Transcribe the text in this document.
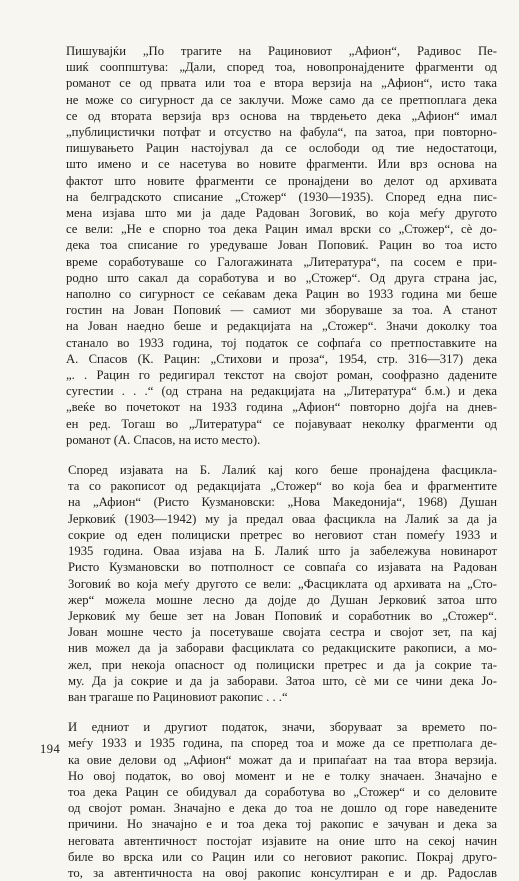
Пишувајќи „По трагите на Рациновиот „Афион“, Радивос Пе-
шиќ сооппштува: „Дали, според тоа, новопронајдените фрагменти од
романот се од првата или тоа е втора верзија на „Афион“, исто така
не може со сигурност да се заклучи. Може само да се претпоплага дека
се од вторaта верзија врз основа на тврдењето дека „Афион“ имал
„публицистички потфат и отсуство на фабула“, па затоа, при повторно-
пишувањето Рацин настојувал да се ослободи од тие недостатоци,
што имено и се насетува во новите фрагменти. Или врз основа на
фактот што новите фрагменти се пронајдени во делот од архивата
на белградското списание „Стожер“ (1930—1935). Според една пис-
мена изјава што ми ја даде Радован Зоговиќ, во која меѓу другото
се вели: „Не е спорно тоа дека Рацин имал врски со „Стожер“, сè до-
дека тоа списание го уредуваше Јован Поповиќ. Рацин во тоа исто
време соработуваше со Галогажината „Литература“, па сосем е при-
родно што сакал да соработува и во „Стожер“. Од друга страна јас,
наполно со сигурност се сеќавам дека Рацин во 1933 година ми беше
гостин на Јован Поповиќ — самиот ми зборуваше за тоа. А станот
на Јован наедно беше и редакцијата на „Стожер“. Значи доколку тоа
станало во 1933 година, тој податок се софпаѓа со претпоставките на
А. Спасов (К. Рацин: „Стихови и проза“, 1954, стр. 316—317) дека
„. . Рацин го редигирал текстот на својот роман, соофразно дадените
сугестии . . .“ (од страна на редакцијата на „Литература“ б.м.) и дека
„веќе во почетокот на 1933 година „Афион“ повторно дојѓа на днев-
ен ред. Тогаш во „Литература“ се појавуваат неколку фрагменти од
романот (А. Спасов, на исто место).
Според изјавата на Б. Лалиќ кај кого беше пронајдена фасцикла-
та со ракописот од редакцијата „Стожер“ во која беа и фрагментите
на „Афион“ (Ристо Кузмановски: „Нова Македонија“, 1968) Душан
Јерковиќ (1903—1942) му ја предал оваа фасцикла на Лалиќ за да ја
сокрие од еден полициски претрес во неговиот стан помеѓу 1933 и
1935 година. Оваа изјава на Б. Лалиќ што ја забележува новинарот
Ристо Кузмановски во потполност се совпаѓа со изјавата на Радован
Зоговиќ во која меѓу другото се вели: „Фасциклата од архивата на „Сто-
жер“ можела мошне лесно да дојде до Душан Јерковиќ затоа што
Јерковиќ му беше зет на Јован Поповиќ и соработник во „Стожер“.
Јован мошне често ја посетуваше својата сестра и својот зет, па кај
нив можел да ја заборави фасциклата со редакциските ракописи, а мо-
жел, при некоја опасност од полициски претрес и да ја сокрие та-
му. Да ја сокрие и да ја заборави. Затоа што, сè ми се чини дека Јо-
ван трагаше по Рациновиот ракопис . . .“
И едниот и другиот податок, значи, зборуваат за времето по-
меѓу 1933 и 1935 година, па според тоа и може да се претполага де-
ка овие делови од „Афион“ можат да и припаѓаат на таа втора верзија.
Но овој податок, во овој момент и не е толку значаен. Значајно е
тоа дека Рацин се обидувал да соработува во „Стожер“ и со деловите
од својот роман. Значајно е дека до тоа не дошло од горе наведените
причини. Но значајно е и тоа дека тој ракопис е зачуван и дека за
неговата автентичност постојат изјавите на оние што на секој начин
биле во врска или со Рацин или со неговиот ракопис. Покрај друго-
то, за автентичноста на овој ракопис консултиран е и др. Радослав
194
